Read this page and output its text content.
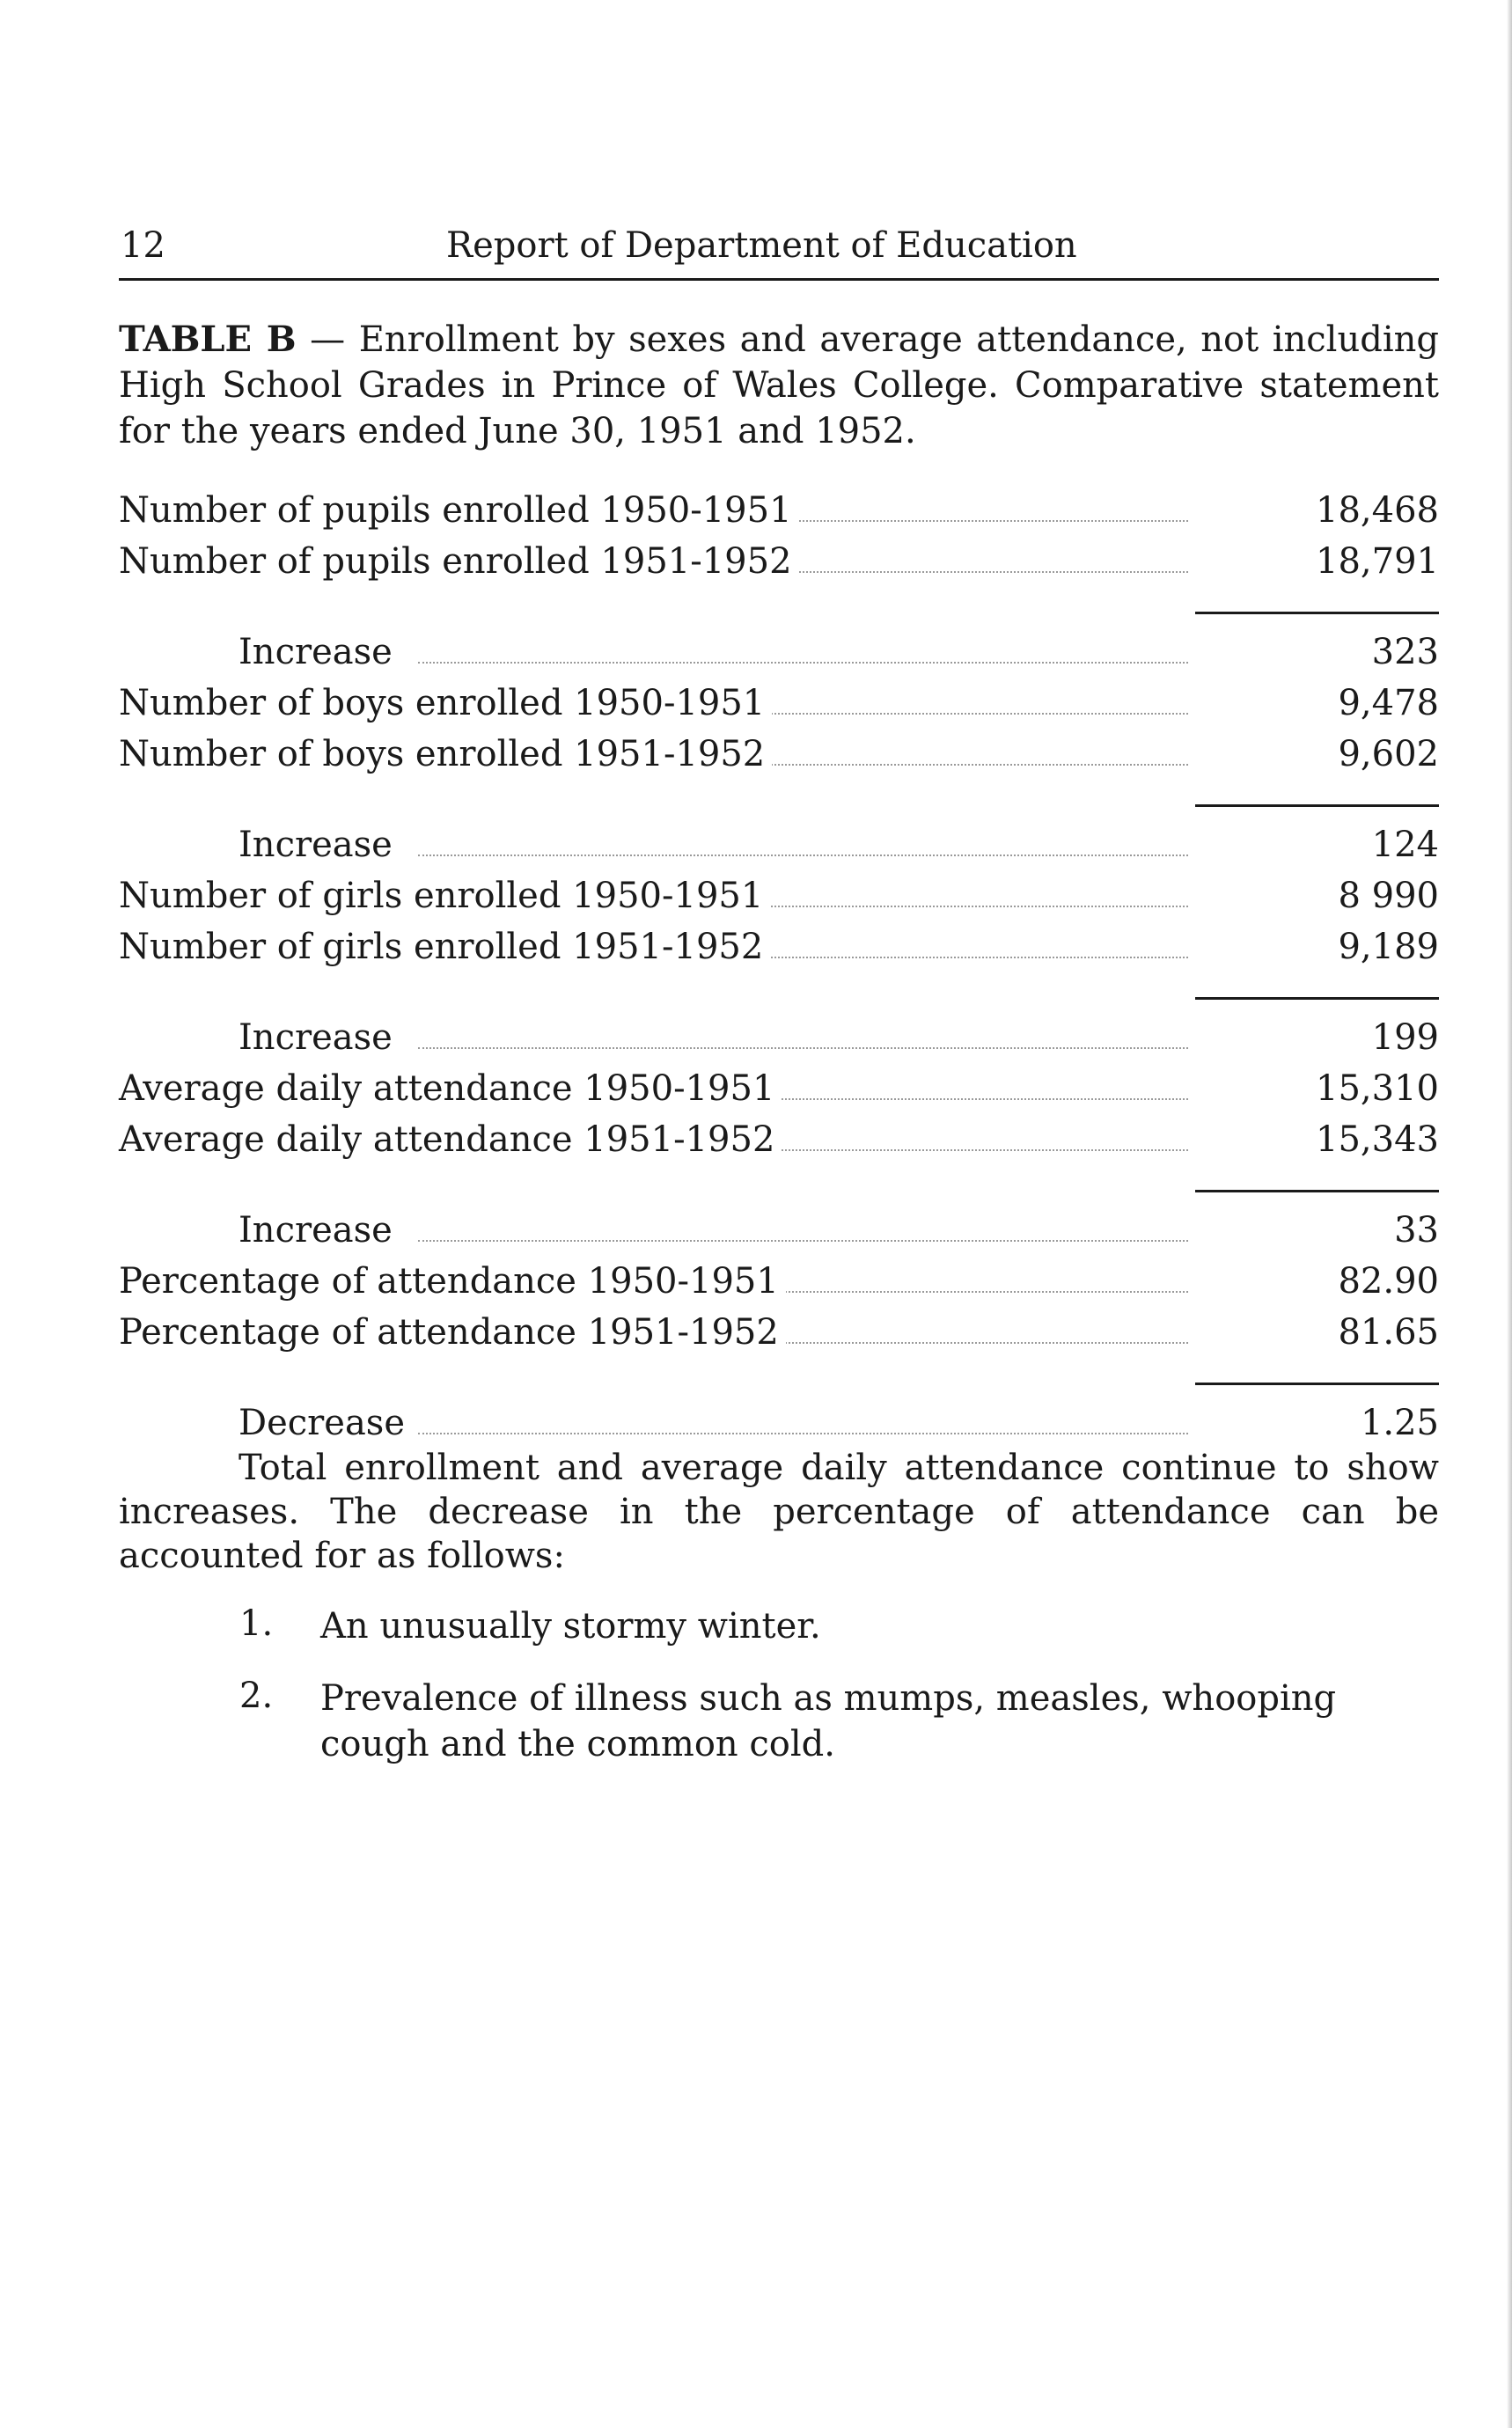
12	Report of Department of Education
TABLE B — Enrollment by sexes and average attendance, not including High School Grades in Prince of Wales College. Comparative statement for the years ended June 30, 1951 and 1952.
Number of pupils enrolled 1950-1951	18,468
Number of pupils enrolled 1951-1952	18,791
Increase	323
Number of boys enrolled 1950-1951	9,478
Number of boys enrolled 1951-1952	9,602
Increase	124
Number of girls enrolled 1950-1951	8 990
Number of girls enrolled 1951-1952	9,189
Increase	199
Average daily attendance 1950-1951	15,310
Average daily attendance 1951-1952	15,343
Increase	33
Percentage of attendance 1950-1951	82.90
Percentage of attendance 1951-1952	81.65
Decrease	1.25
Total enrollment and average daily attendance continue to show increases. The decrease in the percentage of attendance can be accounted for as follows:
1. An unusually stormy winter.
2. Prevalence of illness such as mumps, measles, whooping cough and the common cold.
